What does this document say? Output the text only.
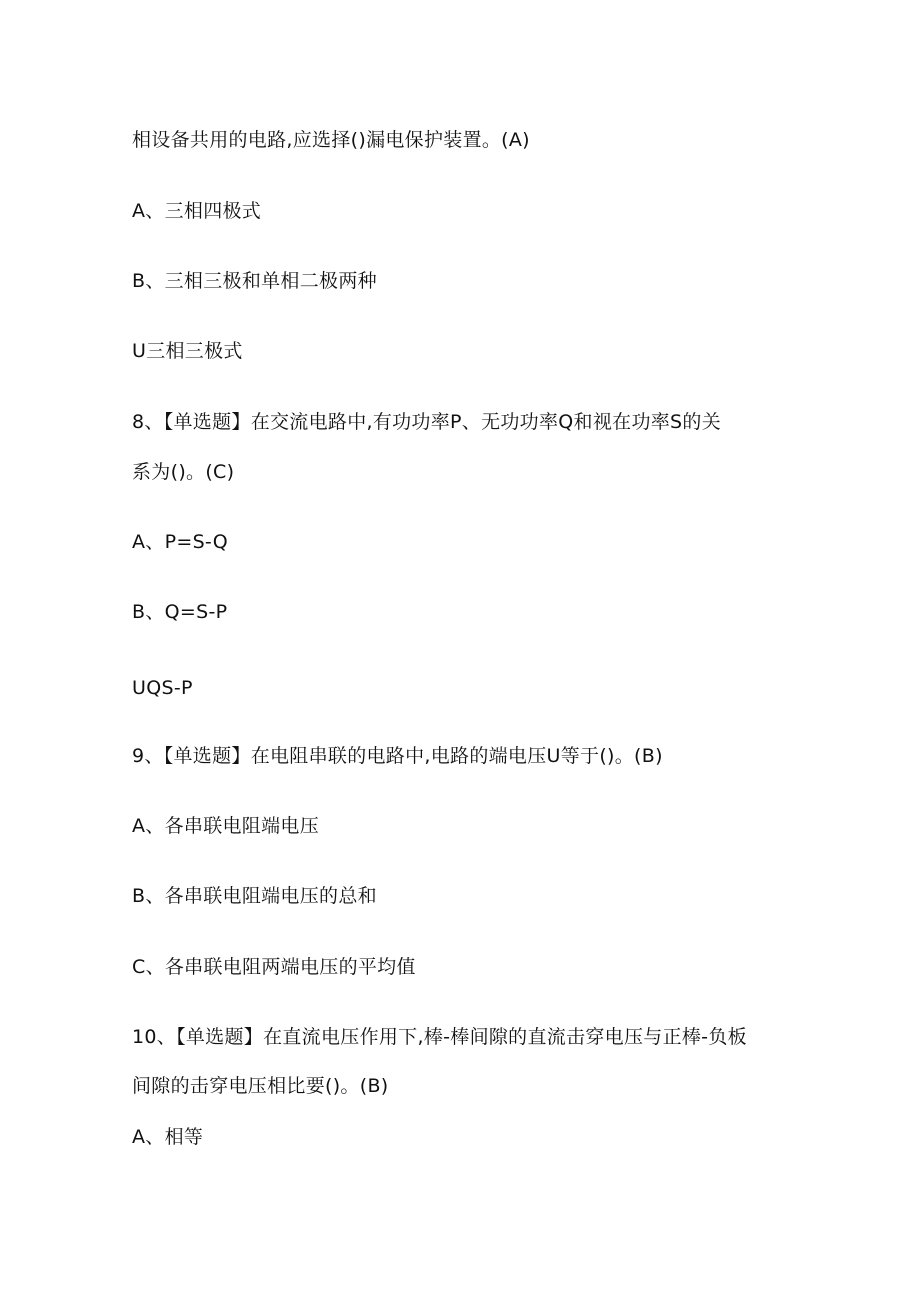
相设备共用的电路,应选择()漏电保护装置。(A)
A、三相四极式
B、三相三极和单相二极两种
U三相三极式
8、【单选题】在交流电路中,有功功率P、无功功率Q和视在功率S的关
系为()。(C)
A、P=S-Q
B、Q=S-P
UQS-P
9、【单选题】在电阻串联的电路中,电路的端电压U等于()。(B)
A、各串联电阻端电压
B、各串联电阻端电压的总和
C、各串联电阻两端电压的平均值
10、【单选题】在直流电压作用下,棒-棒间隙的直流击穿电压与正棒-负板
间隙的击穿电压相比要()。(B)
A、相等
